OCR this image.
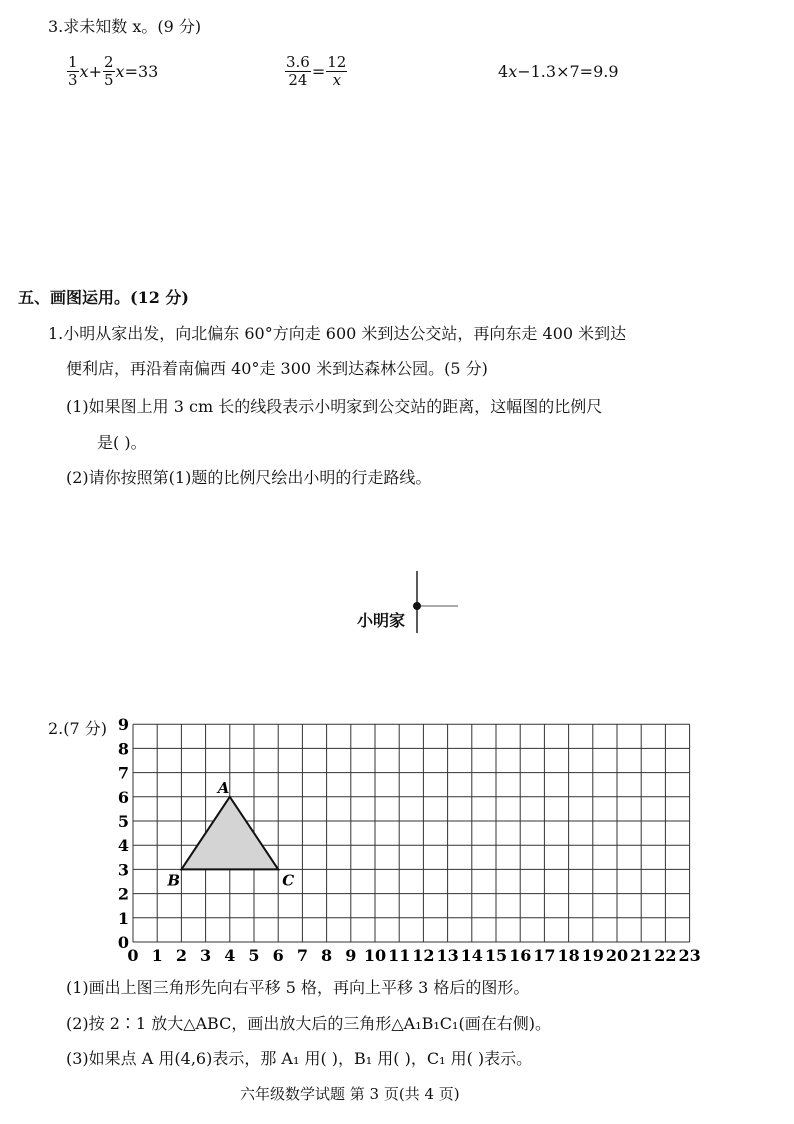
3.求未知数 x。(9 分)
$\frac{1}{3}$ $x + \frac{2}{5}$ x =33	$\frac{3.6}{24} = \frac{12}{x}$	4 x −1.3×7=9.9
五、画图运用。(12 分)
1.小明从家出发，向北偏东 60°方向走 600 米到达公交站，再向东走 400 米到达
便利店，再沿着南偏西 40°走 300 米到达森林公园。(5 分)
(1)如果图上用 3 cm 长的线段表示小明家到公交站的距离，这幅图的比例尺
是( )。
(2)请你按照第(1)题的比例尺绘出小明的行走路线。
小明家
2.(7 分)
0 1 2 3 4 5 6 7 8 9 10 11 12 13 14 15 16 17 18 19 20 21 22 23
0
1
2
3
4
5
6
7
8
9
A
B	C
(1)画出上图三角形先向右平移 5 格，再向上平移 3 格后的图形。
(2)按 2∶1 放大△ABC，画出放大后的三角形△A₁B₁C₁(画在右侧)。
(3)如果点 A 用(4,6)表示，那 A₁ 用( )，B₁ 用( )，C₁ 用( )表示。
六年级数学试题 第 3 页(共 4 页)
